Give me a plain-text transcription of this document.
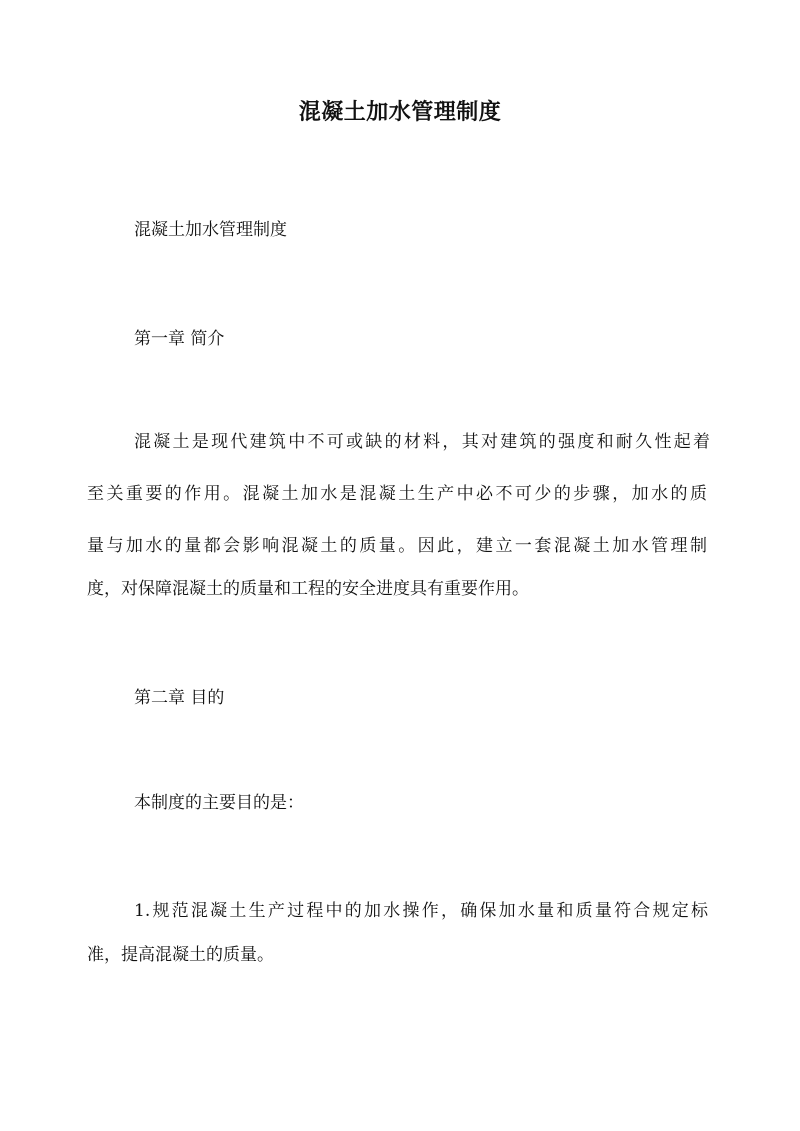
混凝土加水管理制度
混凝土加水管理制度
第一章 简介
混凝土是现代建筑中不可或缺的材料，其对建筑的强度和耐久性起着
至关重要的作用。混凝土加水是混凝土生产中必不可少的步骤，加水的质
量与加水的量都会影响混凝土的质量。因此，建立一套混凝土加水管理制
度，对保障混凝土的质量和工程的安全进度具有重要作用。
第二章 目的
本制度的主要目的是：
1.规范混凝土生产过程中的加水操作，确保加水量和质量符合规定标
准，提高混凝土的质量。
